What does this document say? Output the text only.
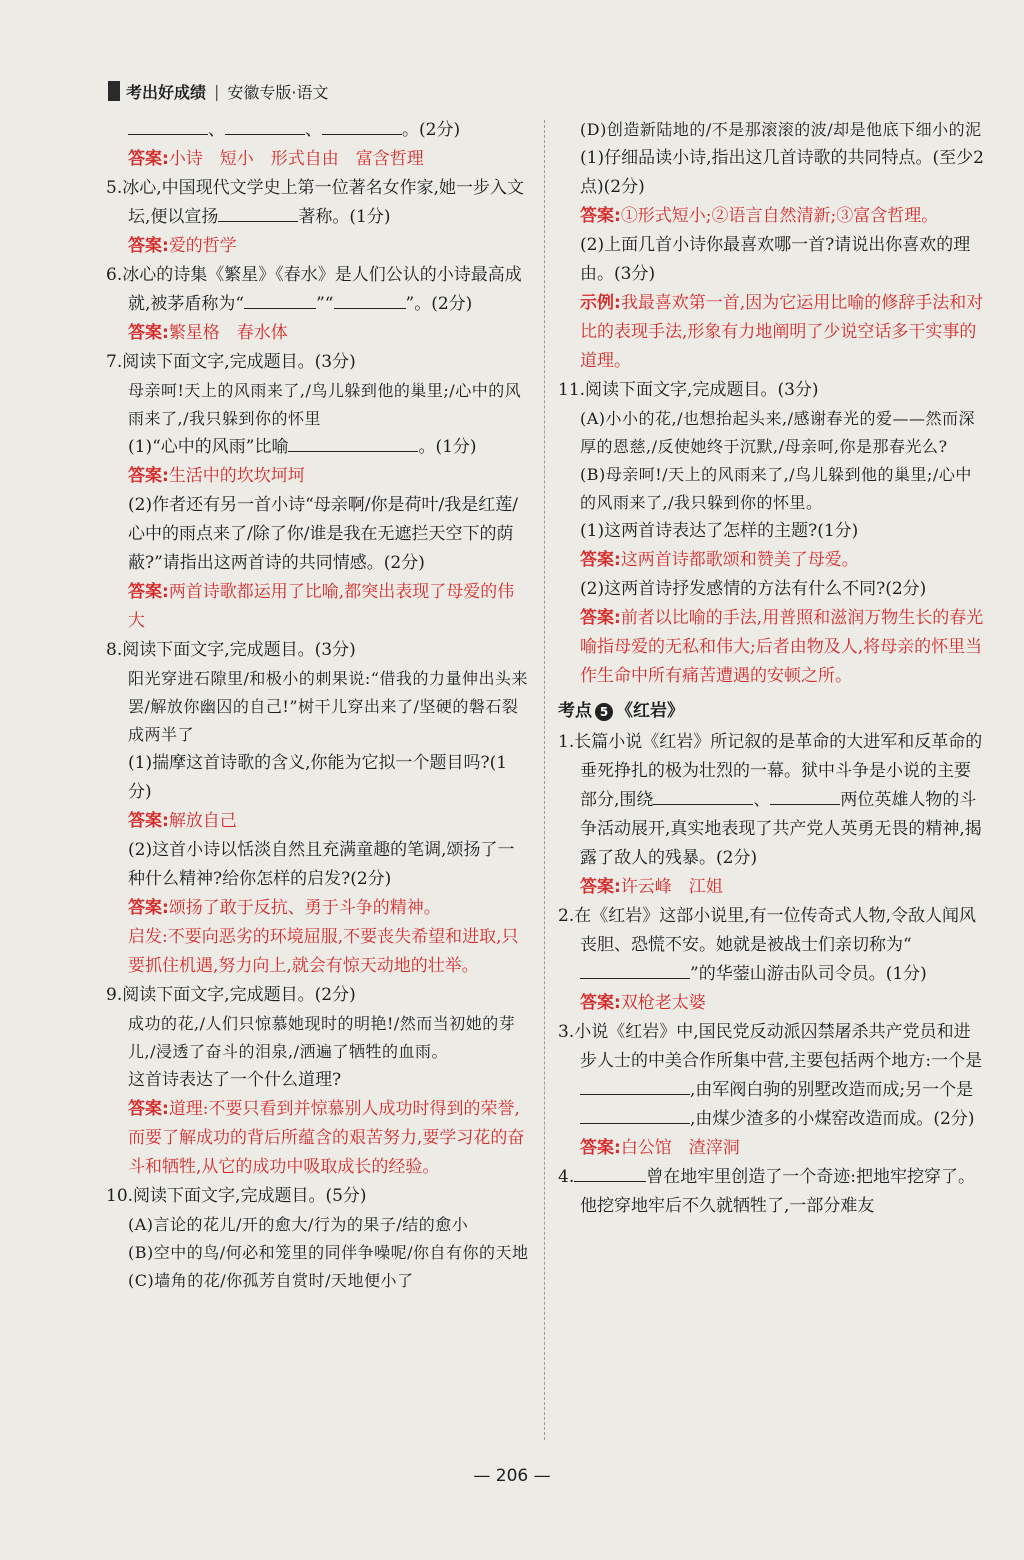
考出好成绩 | 安徽专版·语文

、	、	。(2分)

答案:小诗　短小　形式自由　富含哲理

5.冰心,中国现代文学史上第一位著名女作家,她一步入文坛,便以宣扬	著称。(1分)

答案:爱的哲学

6.冰心的诗集《繁星》《春水》是人们公认的小诗最高成就,被茅盾称为“	”“	”。(2分)

答案:繁星格　春水体

7.阅读下面文字,完成题目。(3分)

母亲呵!天上的风雨来了,/鸟儿躲到他的巢里;/心中的风雨来了,/我只躲到你的怀里

(1)“心中的风雨”比喻	。(1分)

答案:生活中的坎坎坷坷

(2)作者还有另一首小诗“母亲啊/你是荷叶/我是红莲/心中的雨点来了/除了你/谁是我在无遮拦天空下的荫蔽?”请指出这两首诗的共同情感。(2分)

答案:两首诗歌都运用了比喻,都突出表现了母爱的伟大

8.阅读下面文字,完成题目。(3分)

阳光穿进石隙里/和极小的刺果说:“借我的力量伸出头来罢/解放你幽囚的自己!”树干儿穿出来了/坚硬的磐石裂成两半了

(1)揣摩这首诗歌的含义,你能为它拟一个题目吗?(1分)

答案:解放自己

(2)这首小诗以恬淡自然且充满童趣的笔调,颂扬了一种什么精神?给你怎样的启发?(2分)

答案:颂扬了敢于反抗、勇于斗争的精神。

启发:不要向恶劣的环境屈服,不要丧失希望和进取,只要抓住机遇,努力向上,就会有惊天动地的壮举。

9.阅读下面文字,完成题目。(2分)

成功的花,/人们只惊慕她现时的明艳!/然而当初她的芽儿,/浸透了奋斗的泪泉,/洒遍了牺牲的血雨。

这首诗表达了一个什么道理?

答案:道理:不要只看到并惊慕别人成功时得到的荣誉,而要了解成功的背后所蕴含的艰苦努力,要学习花的奋斗和牺牲,从它的成功中吸取成长的经验。

10.阅读下面文字,完成题目。(5分)

(A)言论的花儿/开的愈大/行为的果子/结的愈小

(B)空中的鸟/何必和笼里的同伴争噪呢/你自有你的天地

(C)墙角的花/你孤芳自赏时/天地便小了

(D)创造新陆地的/不是那滚滚的波/却是他底下细小的泥

(1)仔细品读小诗,指出这几首诗歌的共同特点。(至少2点)(2分)

答案:①形式短小;②语言自然清新;③富含哲理。

(2)上面几首小诗你最喜欢哪一首?请说出你喜欢的理由。(3分)

示例:我最喜欢第一首,因为它运用比喻的修辞手法和对比的表现手法,形象有力地阐明了少说空话多干实事的道理。

11.阅读下面文字,完成题目。(3分)

(A)小小的花,/也想抬起头来,/感谢春光的爱——然而深厚的恩慈,/反使她终于沉默,/母亲呵,你是那春光么?

(B)母亲呵!/天上的风雨来了,/鸟儿躲到他的巢里;/心中的风雨来了,/我只躲到你的怀里。

(1)这两首诗表达了怎样的主题?(1分)

答案:这两首诗都歌颂和赞美了母爱。

(2)这两首诗抒发感情的方法有什么不同?(2分)

答案:前者以比喻的手法,用普照和滋润万物生长的春光喻指母爱的无私和伟大;后者由物及人,将母亲的怀里当作生命中所有痛苦遭遇的安顿之所。

考点 5 《红岩》

1.长篇小说《红岩》所记叙的是革命的大进军和反革命的垂死挣扎的极为壮烈的一幕。狱中斗争是小说的主要部分,围绕	、	两位英雄人物的斗争活动展开,真实地表现了共产党人英勇无畏的精神,揭露了敌人的残暴。(2分)

答案:许云峰　江姐

2.在《红岩》这部小说里,有一位传奇式人物,令敌人闻风丧胆、恐慌不安。她就是被战士们亲切称为“”的华蓥山游击队司令员。(1分)

答案:双枪老太婆

3.小说《红岩》中,国民党反动派囚禁屠杀共产党员和进步人士的中美合作所集中营,主要包括两个地方:一个是,由军阀白驹的别墅改造而成;另一个是,由煤少渣多的小煤窑改造而成。(2分)

答案:白公馆　渣滓洞

4.	曾在地牢里创造了一个奇迹:把地牢挖穿了。他挖穿地牢后不久就牺牲了,一部分难友

— 206 —
